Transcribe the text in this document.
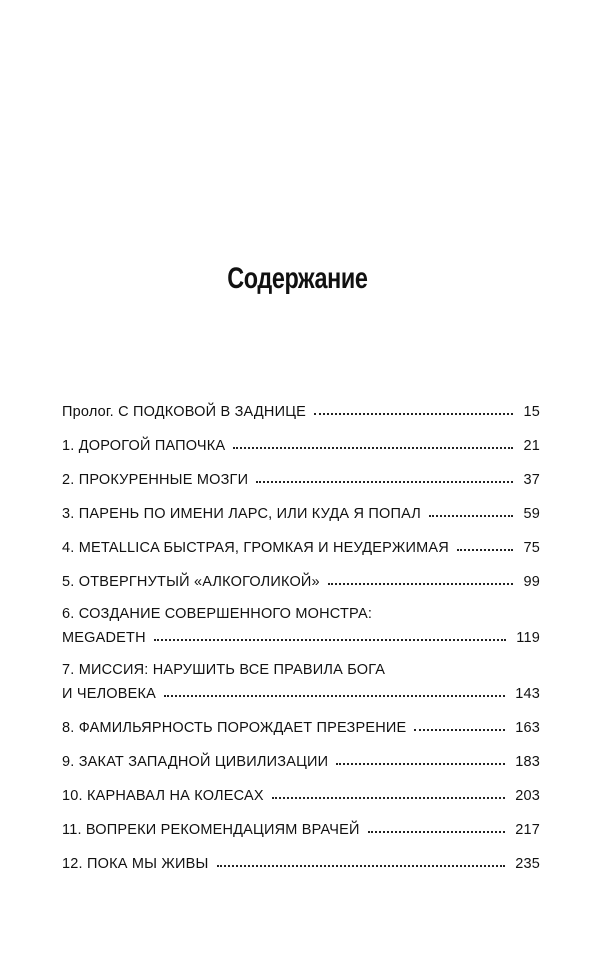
Содержание
Пролог. С ПОДКОВОЙ В ЗАДНИЦЕ	15
1. ДОРОГОЙ ПАПОЧКА	21
2. ПРОКУРЕННЫЕ МОЗГИ	37
3. ПАРЕНЬ ПО ИМЕНИ ЛАРС, ИЛИ КУДА Я ПОПАЛ	59
4. METALLICA БЫСТРАЯ, ГРОМКАЯ И НЕУДЕРЖИМАЯ	75
5. ОТВЕРГНУТЫЙ «АЛКОГОЛИКОЙ»	99
6. СОЗДАНИЕ СОВЕРШЕННОГО МОНСТРА:
MEGADETH	119
7. МИССИЯ: НАРУШИТЬ ВСЕ ПРАВИЛА БОГА
И ЧЕЛОВЕКА	143
8. ФАМИЛЬЯРНОСТЬ ПОРОЖДАЕТ ПРЕЗРЕНИЕ	163
9. ЗАКАТ ЗАПАДНОЙ ЦИВИЛИЗАЦИИ	183
10. КАРНАВАЛ НА КОЛЕСАХ	203
11. ВОПРЕКИ РЕКОМЕНДАЦИЯМ ВРАЧЕЙ	217
12. ПОКА МЫ ЖИВЫ	235
